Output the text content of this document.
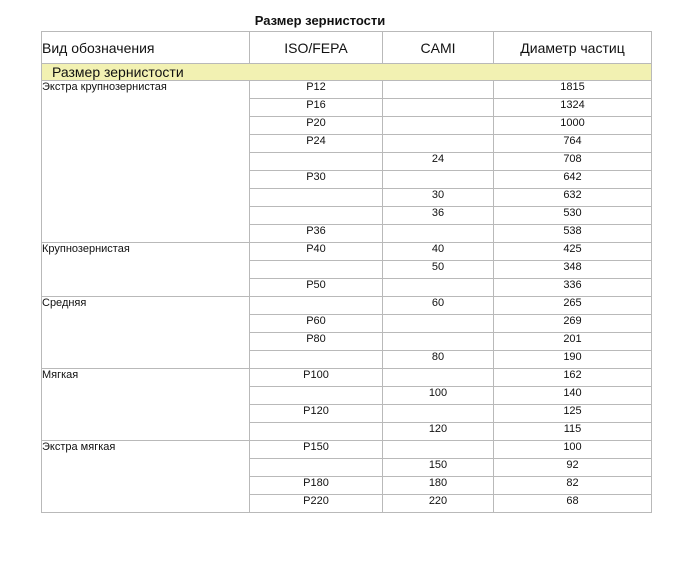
Размер зернистости
Вид обозначения	ISO/FEPA	CAMI	Диаметр частиц
Размер зернистости			
Экстра крупнозернистая	P12		1815
	P16		1324
	P20		1000
	P24		764
		24	708
	P30		642
		30	632
		36	530
	P36		538
Крупнозернистая	P40	40	425
		50	348
	P50		336
Средняя		60	265
	P60		269
	P80		201
		80	190
Мягкая	P100		162
		100	140
	P120		125
		120	115
Экстра мягкая	P150		100
		150	92
	P180	180	82
	P220	220	68
